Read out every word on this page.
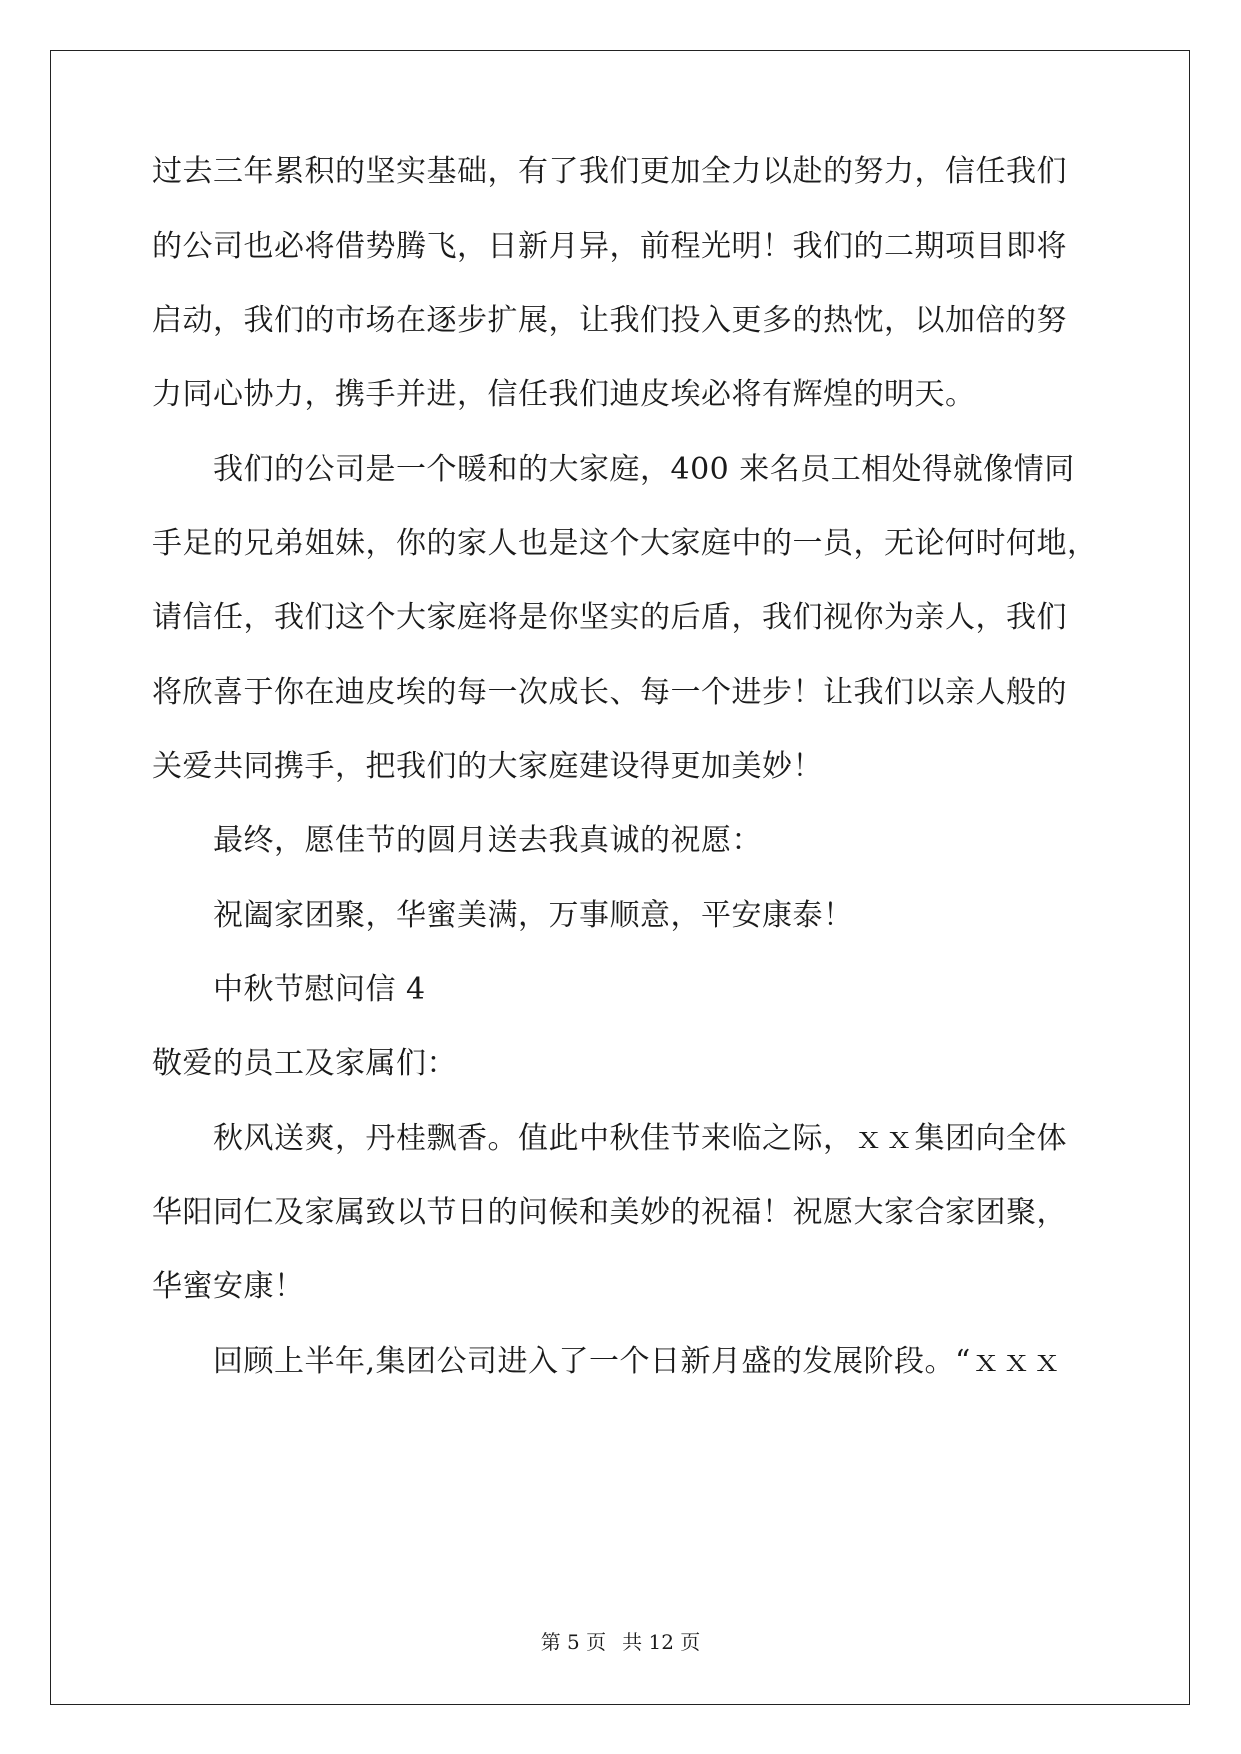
过去三年累积的坚实基础，有了我们更加全力以赴的努力，信任我们
的公司也必将借势腾飞，日新月异，前程光明！我们的二期项目即将
启动，我们的市场在逐步扩展，让我们投入更多的热忱，以加倍的努
力同心协力，携手并进，信任我们迪皮埃必将有辉煌的明天。
　　我们的公司是一个暖和的大家庭，400 来名员工相处得就像情同
手足的兄弟姐妹，你的家人也是这个大家庭中的一员，无论何时何地，
请信任，我们这个大家庭将是你坚实的后盾，我们视你为亲人，我们
将欣喜于你在迪皮埃的每一次成长、每一个进步！让我们以亲人般的
关爱共同携手，把我们的大家庭建设得更加美妙！
　　最终，愿佳节的圆月送去我真诚的祝愿：
　　祝阖家团聚，华蜜美满，万事顺意，平安康泰！
　　中秋节慰问信 4
敬爱的员工及家属们：
　　秋风送爽，丹桂飘香。值此中秋佳节来临之际，ｘｘ集团向全体
华阳同仁及家属致以节日的问候和美妙的祝福！祝愿大家合家团聚，
华蜜安康！
　　回顾上半年,集团公司进入了一个日新月盛的发展阶段。“ｘｘｘ
第 5 页 共 12 页
